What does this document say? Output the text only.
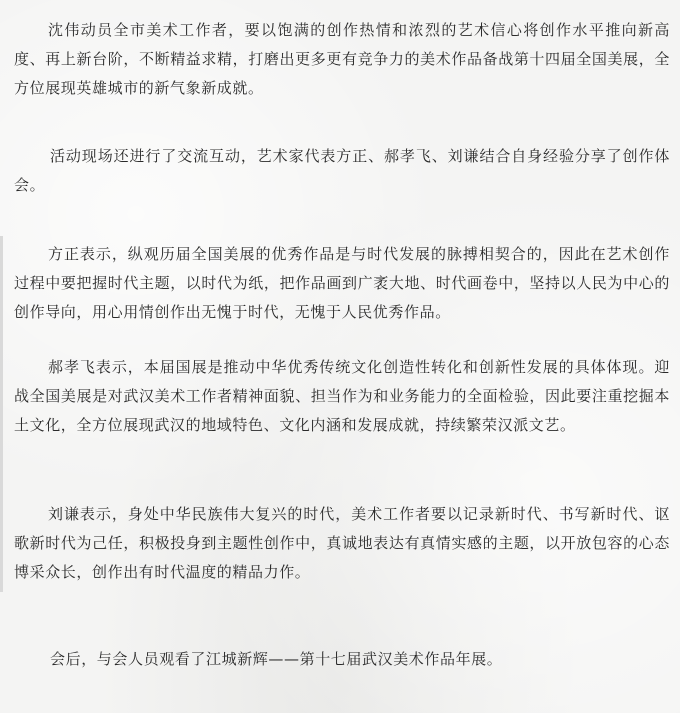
沈伟动员全市美术工作者，要以饱满的创作热情和浓烈的艺术信心将创作水平推向新高度、再上新台阶，不断精益求精，打磨出更多更有竞争力的美术作品备战第十四届全国美展，全方位展现英雄城市的新气象新成就。

活动现场还进行了交流互动，艺术家代表方正、郝孝飞、刘谦结合自身经验分享了创作体会。

方正表示，纵观历届全国美展的优秀作品是与时代发展的脉搏相契合的，因此在艺术创作过程中要把握时代主题，以时代为纸，把作品画到广袤大地、时代画卷中，坚持以人民为中心的创作导向，用心用情创作出无愧于时代，无愧于人民优秀作品。

郝孝飞表示，本届国展是推动中华优秀传统文化创造性转化和创新性发展的具体体现。迎战全国美展是对武汉美术工作者精神面貌、担当作为和业务能力的全面检验，因此要注重挖掘本土文化，全方位展现武汉的地域特色、文化内涵和发展成就，持续繁荣汉派文艺。

刘谦表示，身处中华民族伟大复兴的时代，美术工作者要以记录新时代、书写新时代、讴歌新时代为己任，积极投身到主题性创作中，真诚地表达有真情实感的主题，以开放包容的心态博采众长，创作出有时代温度的精品力作。

会后，与会人员观看了江城新辉——第十七届武汉美术作品年展。
